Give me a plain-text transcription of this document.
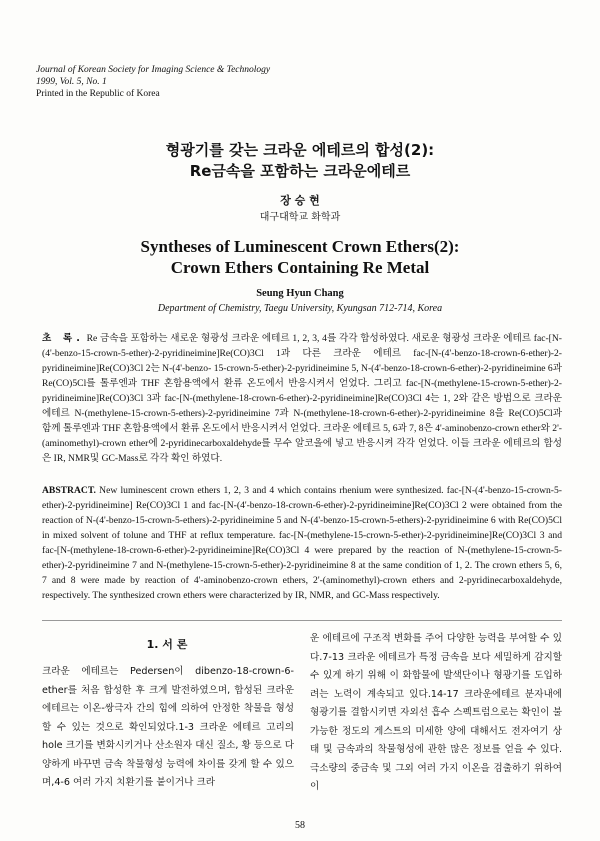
Journal of Korean Society for Imaging Science & Technology
1999, Vol. 5, No. 1
Printed in the Republic of Korea
형광기를 갖는 크라운 에테르의 합성(2):
Re금속을 포함하는 크라운에테르
장 승 현
대구대학교 화학과
Syntheses of Luminescent Crown Ethers(2):
Crown Ethers Containing Re Metal
Seung Hyun Chang
Department of Chemistry, Taegu University, Kyungsan 712-714, Korea
초 록. Re 금속을 포함하는 새로운 형광성 크라운 에테르 1, 2, 3, 4를 각각 합성하였다. 새로운 형광성 크라운 에테르 fac-[N-(4'-benzo-15-crown-5-ether)-2-pyridineimine]Re(CO)3Cl 1과 다른 크라운 에테르 fac-[N-(4'-benzo-18-crown-6-ether)-2-pyridineimine]Re(CO)3Cl 2는 N-(4'-benzo- 15-crown-5-ether)-2-pyridineimine 5, N-(4'-benzo-18-crown-6-ether)-2-pyridineimine 6과 Re(CO)5Cl를 톨루엔과 THF 혼합용액에서 환류 온도에서 반응시켜서 얻었다. 그리고 fac-[N-(methylene-15-crown-5-ether)-2-pyridineimine]Re(CO)3Cl 3과 fac-[N-(methylene-18-crown-6-ether)-2-pyridineimine]Re(CO)3Cl 4는 1, 2와 같은 방법으로 크라운 에테르 N-(methylene-15-crown-5-ethers)-2-pyridineimine 7과 N-(methylene-18-crown-6-ether)-2-pyridineimine 8을 Re(CO)5Cl과 함께 톨루엔과 THF 혼합용액에서 환류 온도에서 반응시켜서 얻었다. 크라운 에테르 5, 6과 7, 8은 4'-aminobenzo-crown ether와 2'-(aminomethyl)-crown ether에 2-pyridinecarboxaldehyde를 무수 알코올에 넣고 반응시켜 각각 얻었다. 이들 크라운 에테르의 합성은 IR, NMR및 GC-Mass로 각각 확인 하였다.
ABSTRACT. New luminescent crown ethers 1, 2, 3 and 4 which contains rhenium were synthesized. fac-[N-(4'-benzo-15-crown-5-ether)-2-pyridineimine] Re(CO)3Cl 1 and fac-[N-(4'-benzo-18-crown-6-ether)-2-pyridineimine]Re(CO)3Cl 2 were obtained from the reaction of N-(4'-benzo-15-crown-5-ethers)-2-pyridineimine 5 and N-(4'-benzo-15-crown-5-ethers)-2-pyridineimine 6 with Re(CO)5Cl in mixed solvent of tolune and THF at reflux temperature. fac-[N-(methylene-15-crown-5-ether)-2-pyridineimine]Re(CO)3Cl 3 and fac-[N-(methylene-18-crown-6-ether)-2-pyridineimine]Re(CO)3Cl 4 were prepared by the reaction of N-(methylene-15-crown-5-ether)-2-pyridineimine 7 and N-(methylene-15-crown-5-ether)-2-pyridineimine 8 at the same condition of 1, 2. The crown ethers 5, 6, 7 and 8 were made by reaction of 4'-aminobenzo-crown ethers, 2'-(aminomethyl)-crown ethers and 2-pyridinecarboxaldehyde, respectively. The synthesized crown ethers were characterized by IR, NMR, and GC-Mass respectively.
1. 서 론
크라운 에테르는 Pedersen이 dibenzo-18-crown-6-ether를 처음 합성한 후 크게 발전하였으며, 합성된 크라운 에테르는 이온-쌍극자 간의 힘에 의하여 안정한 착물을 형성할 수 있는 것으로 확인되었다.1-3 크라운 에테르 고리의 hole 크기를 변화시키거나 산소원자 대신 질소, 황 등으로 다양하게 바꾸면 금속 착물형성 능력에 차이를 갖게 할 수 있으며,4-6 여러 가지 치환기를 붙이거나 크라
운 에테르에 구조적 변화를 주어 다양한 능력을 부여할 수 있다.7-13 크라운 에테르가 특정 금속을 보다 세밀하게 감지할 수 있게 하기 위해 이 화합물에 발색단이나 형광기를 도입하려는 노력이 계속되고 있다.14-17 크라운에테르 분자내에 형광기를 결합시키면 자외선 흡수 스펙트럼으로는 확인이 불가능한 정도의 게스트의 미세한 양에 대해서도 전자여기 상태 및 금속과의 착물형성에 관한 많은 정보를 얻을 수 있다. 극소량의 중금속 및 그외 여러 가지 이온을 검출하기 위하여 이
58
